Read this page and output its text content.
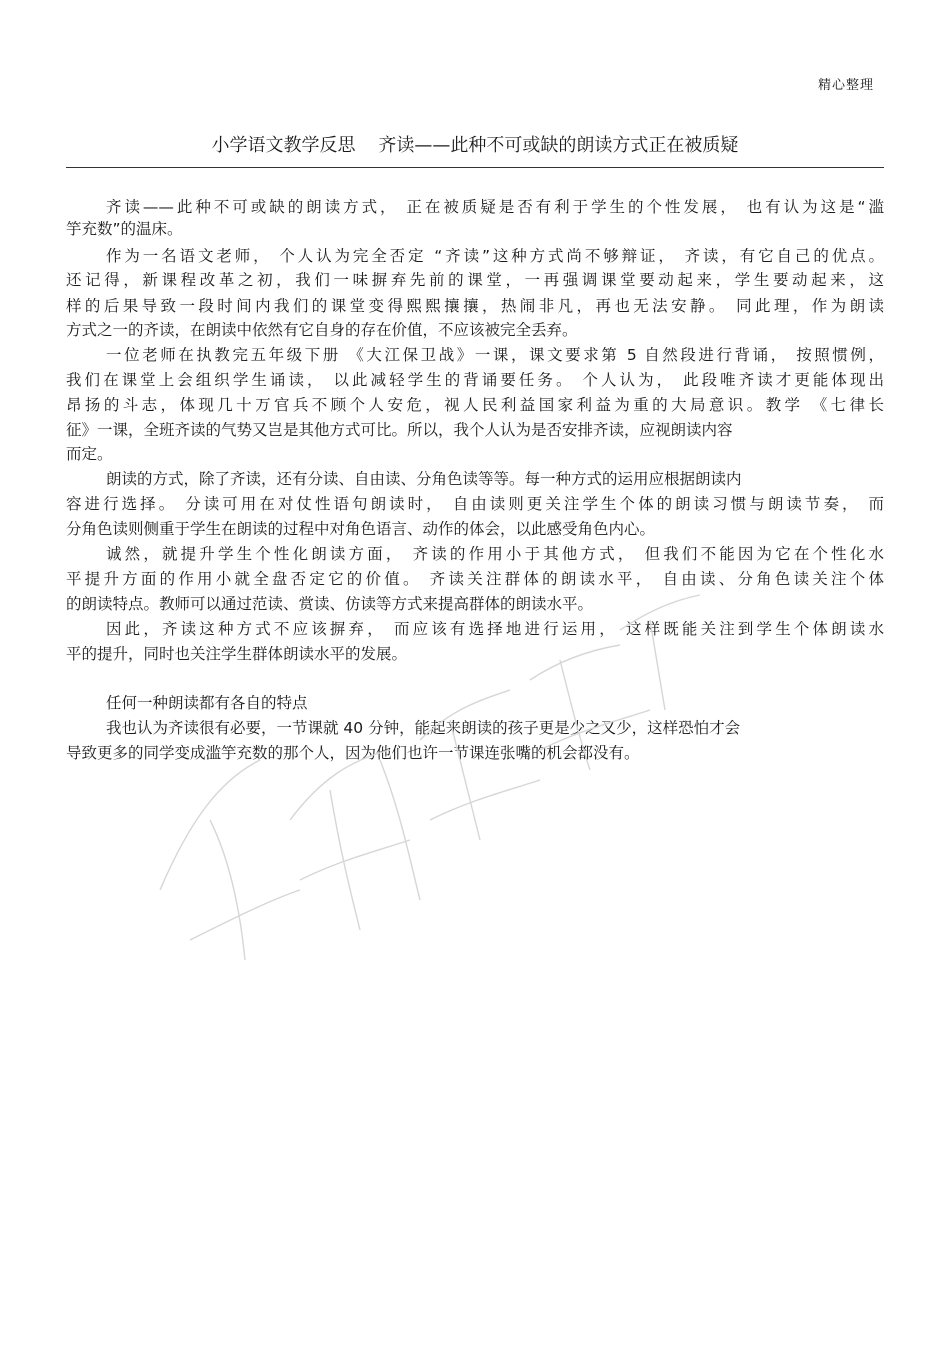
精心整理
小学语文教学反思    齐读——此种不可或缺的朗读方式正在被质疑
齐读——此种不可或缺的朗读方式， 正在被质疑是否有利于学生的个性发展， 也有认为这是“滥
竽充数”的温床。
作为一名语文老师， 个人认为完全否定 “齐读”这种方式尚不够辩证， 齐读，有它自己的优点。
还记得，新课程改革之初，我们一味摒弃先前的课堂，一再强调课堂要动起来，学生要动起来，这
样的后果导致一段时间内我们的课堂变得熙熙攘攘，热闹非凡，再也无法安静。 同此理，作为朗读
方式之一的齐读，在朗读中依然有它自身的存在价值，不应该被完全丢弃。
一位老师在执教完五年级下册 《大江保卫战》一课，课文要求第 5 自然段进行背诵， 按照惯例，
我们在课堂上会组织学生诵读， 以此减轻学生的背诵要任务。 个人认为， 此段唯齐读才更能体现出
昂扬的斗志，体现几十万官兵不顾个人安危，视人民利益国家利益为重的大局意识。教学 《七律长
征》一课，全班齐读的气势又岂是其他方式可比。所以，我个人认为是否安排齐读，应视朗读内容
而定。
朗读的方式，除了齐读，还有分读、自由读、分角色读等等。每一种方式的运用应根据朗读内
容进行选择。 分读可用在对仗性语句朗读时， 自由读则更关注学生个体的朗读习惯与朗读节奏， 而
分角色读则侧重于学生在朗读的过程中对角色语言、动作的体会，以此感受角色内心。
诚然，就提升学生个性化朗读方面， 齐读的作用小于其他方式， 但我们不能因为它在个性化水
平提升方面的作用小就全盘否定它的价值。 齐读关注群体的朗读水平， 自由读、分角色读关注个体
的朗读特点。教师可以通过范读、赏读、仿读等方式来提高群体的朗读水平。
因此，齐读这种方式不应该摒弃， 而应该有选择地进行运用， 这样既能关注到学生个体朗读水
平的提升，同时也关注学生群体朗读水平的发展。
任何一种朗读都有各自的特点
我也认为齐读很有必要，一节课就 40 分钟，能起来朗读的孩子更是少之又少，这样恐怕才会
导致更多的同学变成滥竽充数的那个人，因为他们也许一节课连张嘴的机会都没有。
